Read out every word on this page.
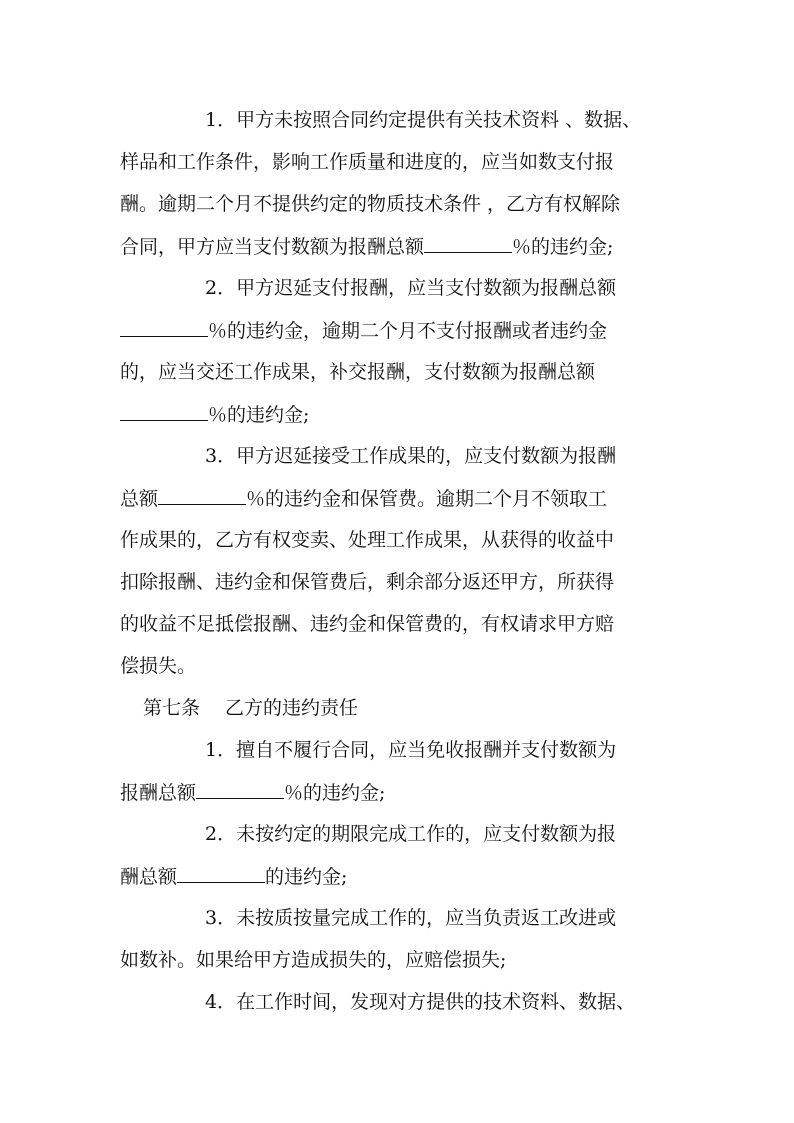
1．甲方未按照合同约定提供有关技术资料 、数据、
样品和工作条件，影响工作质量和进度的，应当如数支付报
酬。逾期二个月不提供约定的物质技术条件 ，乙方有权解除
合同，甲方应当支付数额为报酬总额	％的违约金;
2．甲方迟延支付报酬，应当支付数额为报酬总额
％的违约金，逾期二个月不支付报酬或者违约金
的，应当交还工作成果，补交报酬，支付数额为报酬总额
％的违约金;
3．甲方迟延接受工作成果的，应支付数额为报酬
总额	％的违约金和保管费。逾期二个月不领取工
作成果的，乙方有权变卖、处理工作成果，从获得的收益中
扣除报酬、违约金和保管费后，剩余部分返还甲方，所获得
的收益不足抵偿报酬、违约金和保管费的，有权请求甲方赔
偿损失。
第七条　 乙方的违约责任
1．擅自不履行合同，应当免收报酬并支付数额为
报酬总额	％的违约金;
2．未按约定的期限完成工作的，应支付数额为报
酬总额	的违约金;
3．未按质按量完成工作的，应当负责返工改进或
如数补。如果给甲方造成损失的，应赔偿损失;
4．在工作时间，发现对方提供的技术资料、数据、
